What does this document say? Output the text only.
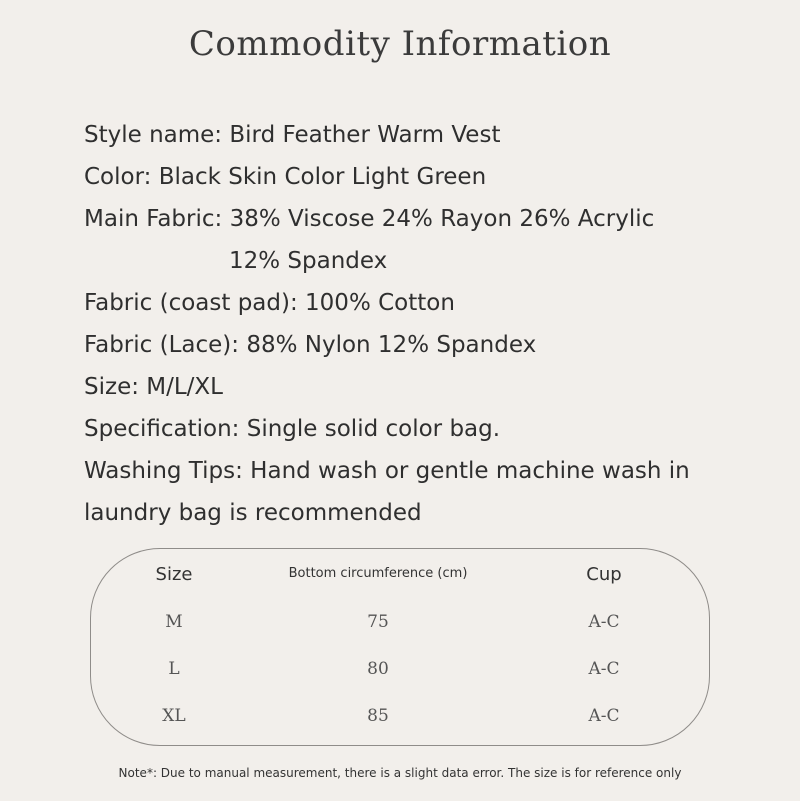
Commodity Information
Style name: Bird Feather Warm Vest
Color: Black Skin Color Light Green
Main Fabric: 38% Viscose 24% Rayon 26% Acrylic
12% Spandex
Fabric (coast pad): 100% Cotton
Fabric (Lace): 88% Nylon 12% Spandex
Size: M/L/XL
Specification: Single solid color bag.
Washing Tips: Hand wash or gentle machine wash in
laundry bag is recommended
Size	Bottom circumference (cm)	Cup
M	75	A-C
L	80	A-C
XL	85	A-C
Note*: Due to manual measurement, there is a slight data error. The size is for reference only
